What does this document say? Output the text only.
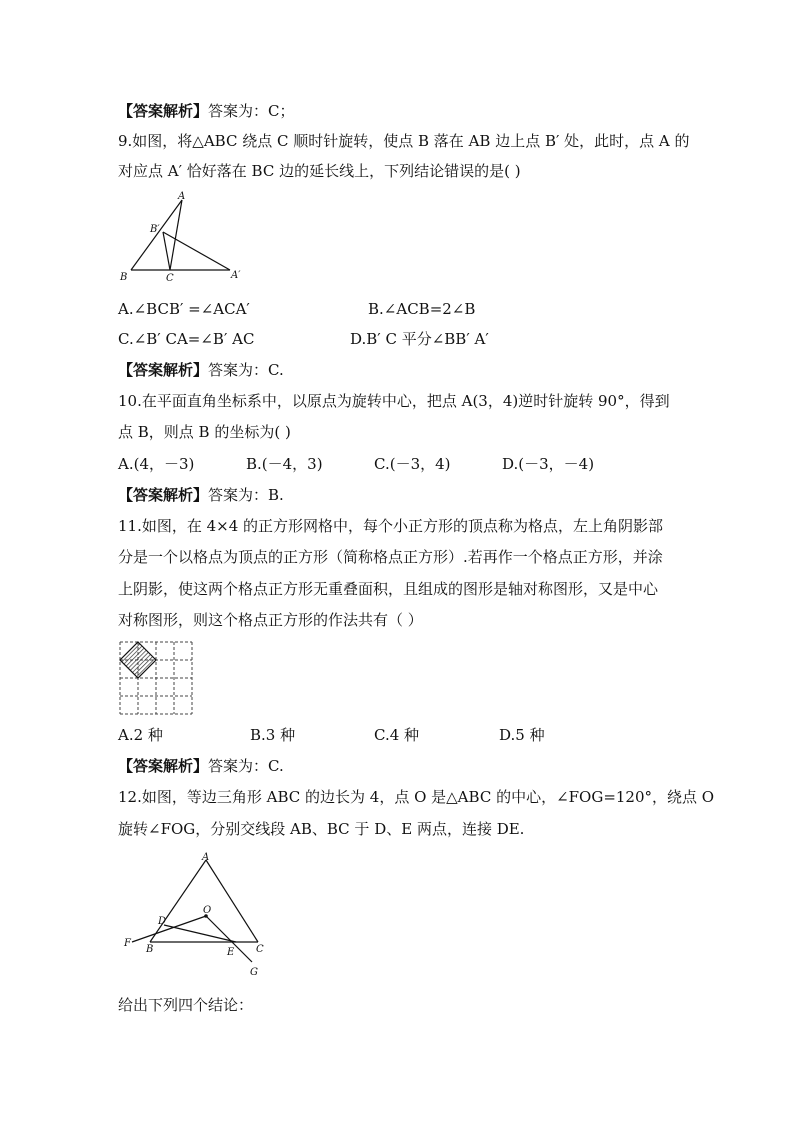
【答案解析】答案为：C；
9.如图，将△ABC 绕点 C 顺时针旋转，使点 B 落在 AB 边上点 B′ 处，此时，点 A 的
对应点 A′ 恰好落在 BC 边的延长线上，下列结论错误的是( )
A
B′
B	C	A′
A.∠BCB′ =∠ACA′	B.∠ACB=2∠B
C.∠B′ CA=∠B′ AC	D.B′ C 平分∠BB′ A′
【答案解析】答案为：C.
10.在平面直角坐标系中，以原点为旋转中心，把点 A(3，4)逆时针旋转 90°，得到
点 B，则点 B 的坐标为( )
A.(4，－3)	B.(－4，3)	C.(－3，4)	D.(－3，－4)
【答案解析】答案为：B.
11.如图，在 4×4 的正方形网格中，每个小正方形的顶点称为格点，左上角阴影部
分是一个以格点为顶点的正方形（简称格点正方形）.若再作一个格点正方形，并涂
上阴影，使这两个格点正方形无重叠面积，且组成的图形是轴对称图形，又是中心
对称图形，则这个格点正方形的作法共有（ ）
A.2 种	B.3 种	C.4 种	D.5 种
【答案解析】答案为：C.
12.如图，等边三角形 ABC 的边长为 4，点 O 是△ABC 的中心，∠FOG=120°，绕点 O
旋转∠FOG，分别交线段 AB、BC 于 D、E 两点，连接 DE.
A
O
D
F
B	E C
G
给出下列四个结论：
